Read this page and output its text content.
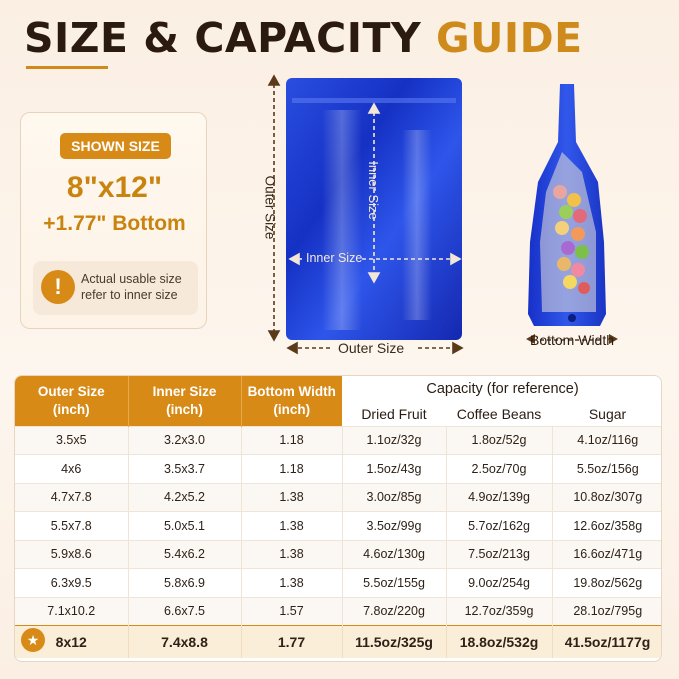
SIZE & CAPACITY GUIDE
SHOWN SIZE
8"x12"
+1.77" Bottom
!	Actual usable size refer to inner size
Outer Size	Inner Size
Inner Size
Outer Size	Bottom Width
Outer Size (inch)	Inner Size (inch)	Bottom Width (inch)	Capacity (for reference)		
			Dried Fruit	Coffee Beans	Sugar
3.5x5	3.2x3.0	1.18	1.1oz/32g	1.8oz/52g	4.1oz/116g
4x6	3.5x3.7	1.18	1.5oz/43g	2.5oz/70g	5.5oz/156g
4.7x7.8	4.2x5.2	1.38	3.0oz/85g	4.9oz/139g	10.8oz/307g
5.5x7.8	5.0x5.1	1.38	3.5oz/99g	5.7oz/162g	12.6oz/358g
5.9x8.6	5.4x6.2	1.38	4.6oz/130g	7.5oz/213g	16.6oz/471g
6.3x9.5	5.8x6.9	1.38	5.5oz/155g	9.0oz/254g	19.8oz/562g
7.1x10.2	6.6x7.5	1.57	7.8oz/220g	12.7oz/359g	28.1oz/795g
8x12	7.4x8.8	1.77	11.5oz/325g	18.8oz/532g	41.5oz/1177g
★
